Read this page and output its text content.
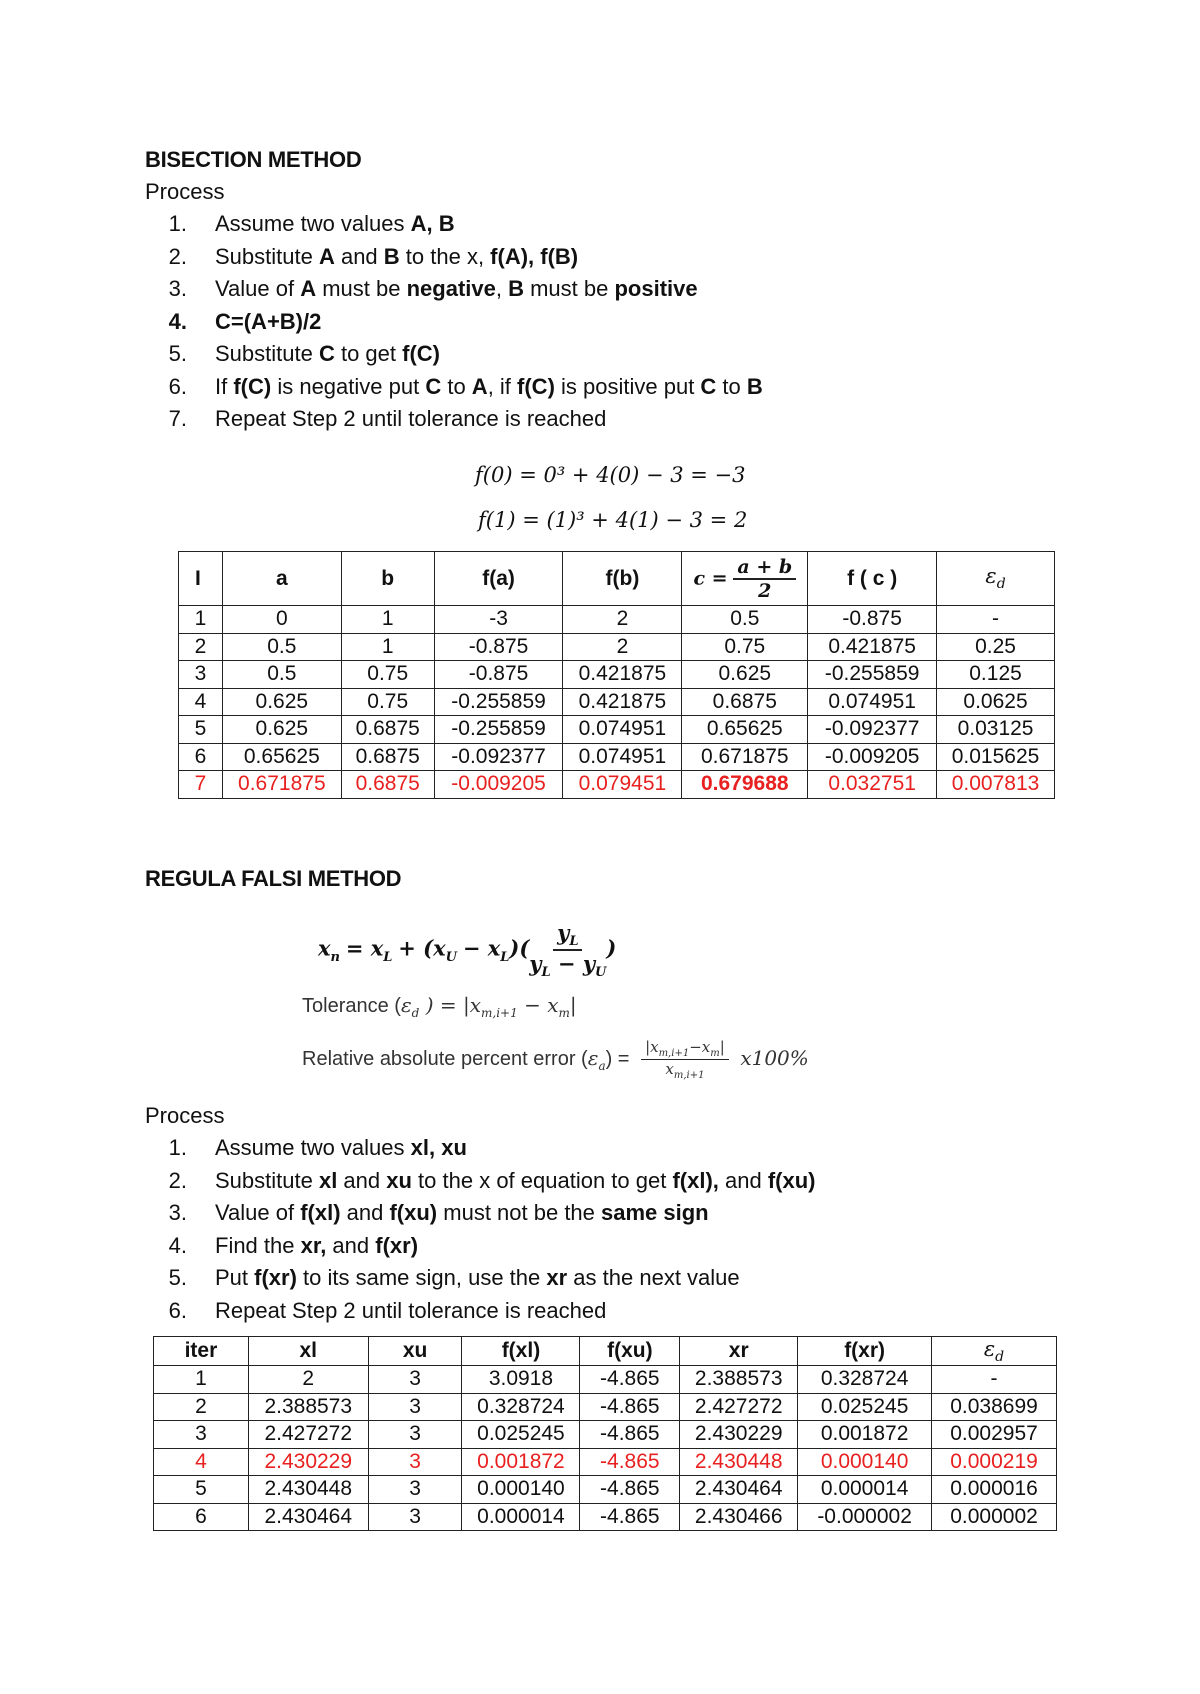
BISECTION METHOD
Process
1. Assume two values A, B
2. Substitute A and B to the x, f(A), f(B)
3. Value of A must be negative, B must be positive
4. C=(A+B)/2
5. Substitute C to get f(C)
6. If f(C) is negative put C to A, if f(C) is positive put C to B
7. Repeat Step 2 until tolerance is reached
f(0) = 0³ + 4(0) − 3 = −3
f(1) = (1)³ + 4(1) − 3 = 2
I	a	b	f(a)	f(b)	$c = \frac{a + b}{2}$	f ( c )	$\varepsilon_d$
1	0	1	-3	2	0.5	-0.875	-
2	0.5	1	-0.875	2	0.75	0.421875	0.25
3	0.5	0.75	-0.875	0.421875	0.625	-0.255859	0.125
4	0.625	0.75	-0.255859	0.421875	0.6875	0.074951	0.0625
5	0.625	0.6875	-0.255859	0.074951	0.65625	-0.092377	0.03125
6	0.65625	0.6875	-0.092377	0.074951	0.671875	-0.009205	0.015625
7	0.671875	0.6875	-0.009205	0.079451	0.679688	0.032751	0.007813
REGULA FALSI METHOD
$x_n = x_L + (x_U - x_L)( \frac{y_L}{y_L - y_U}$ )
Tolerance ($\varepsilon_d$ ) = $|x_{m,i+1} - x_m|$
Relative absolute percent error $(\varepsilon_a) = \frac{|x_{m,i+1}-x_m|}{x_{m,i+1}} x100\%$
Process
1. Assume two values xl, xu
2. Substitute xl and xu to the x of equation to get f(xl), and f(xu)
3. Value of f(xl) and f(xu) must not be the same sign
4. Find the xr, and f(xr)
5. Put f(xr) to its same sign, use the xr as the next value
6. Repeat Step 2 until tolerance is reached
iter	xl	xu	f(xl)	f(xu)	xr	f(xr)	$\varepsilon_d$
1	2	3	3.0918	-4.865	2.388573	0.328724	-
2	2.388573	3	0.328724	-4.865	2.427272	0.025245	0.038699
3	2.427272	3	0.025245	-4.865	2.430229	0.001872	0.002957
4	2.430229	3	0.001872	-4.865	2.430448	0.000140	0.000219
5	2.430448	3	0.000140	-4.865	2.430464	0.000014	0.000016
6	2.430464	3	0.000014	-4.865	2.430466	-0.000002	0.000002
